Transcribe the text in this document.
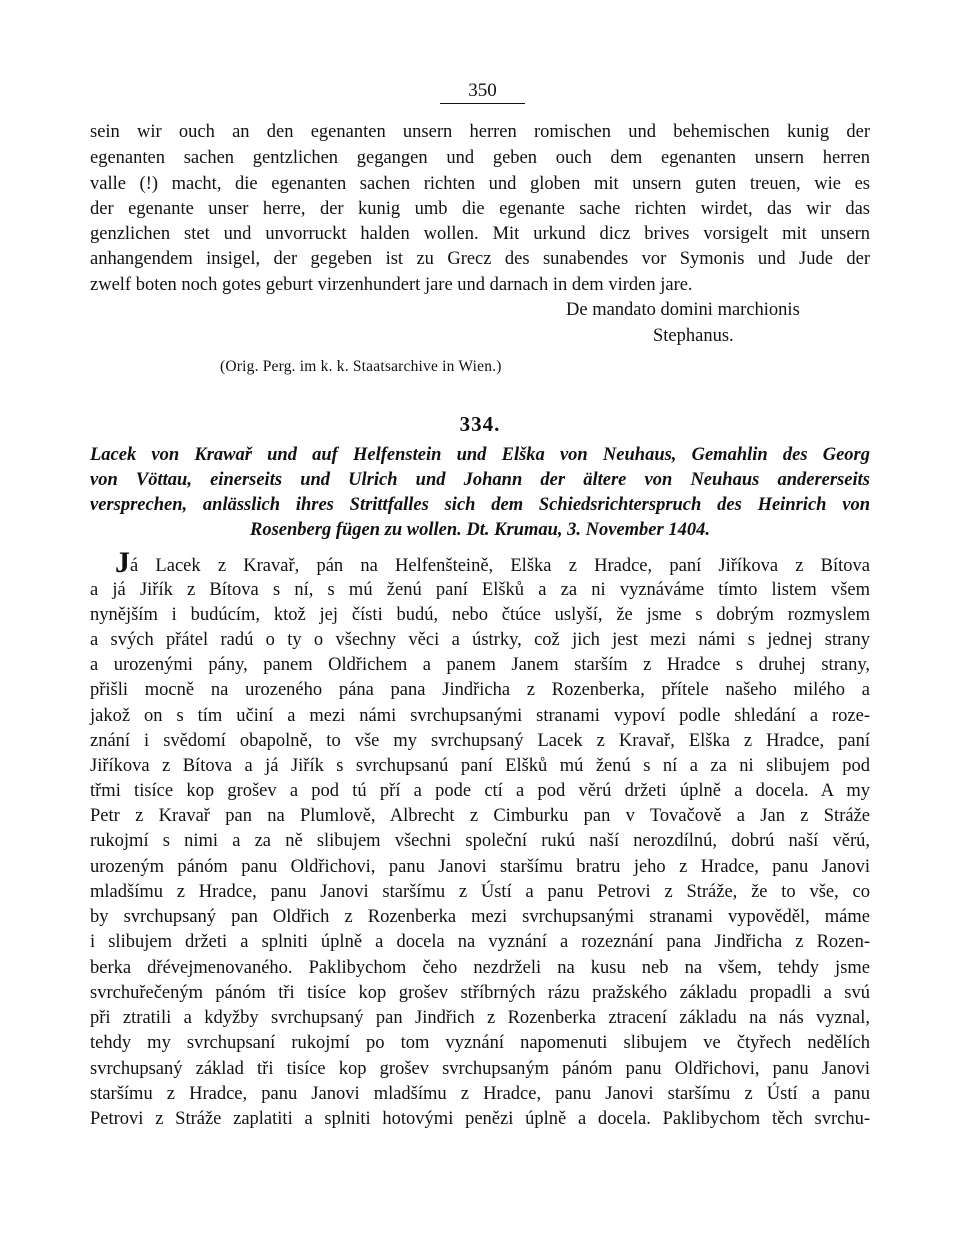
350
sein wir ouch an den egenanten unsern herren romischen und behemischen kunig der
egenanten sachen gentzlichen gegangen und geben ouch dem egenanten unsern herren
valle (!) macht, die egenanten sachen richten und globen mit unsern guten treuen, wie es
der egenante unser herre, der kunig umb die egenante sache richten wirdet, das wir das
genzlichen stet und unvorruckt halden wollen. Mit urkund dicz brives vorsigelt mit unsern
anhangendem insigel, der gegeben ist zu Grecz des sunabendes vor Symonis und Jude der
zwelf boten noch gotes geburt virzenhundert jare und darnach in dem virden jare.
De mandato domini marchionis
Stephanus.
(Orig. Perg. im k. k. Staatsarchive in Wien.)
334.
Lacek von Krawař und auf Helfenstein und Elška von Neuhaus, Gemahlin des Georg
von Vöttau, einerseits und Ulrich und Johann der ältere von Neuhaus andererseits
versprechen, anlässlich ihres Strittfalles sich dem Schiedsrichterspruch des Heinrich von
Rosenberg fügen zu wollen. Dt. Krumau, 3. November 1404.
Já Lacek z Kravař, pán na Helfenšteině, Elška z Hradce, paní Jiříkova z Bítova
a já Jiřík z Bítova s ní, s mú ženú paní Elšků a za ni vyznáváme tímto listem všem
nynějším i budúcím, ktož jej čísti budú, nebo čtúce uslyší, že jsme s dobrým rozmyslem
a svých přátel radú o ty o všechny věci a ústrky, což jich jest mezi námi s jednej strany
a urozenými pány, panem Oldřichem a panem Janem starším z Hradce s druhej strany,
přišli mocně na urozeného pána pana Jindřicha z Rozenberka, přítele našeho milého a
jakož on s tím učiní a mezi námi svrchupsanými stranami vypoví podle shledání a roze-
znání i svědomí obapolně, to vše my svrchupsaný Lacek z Kravař, Elška z Hradce, paní
Jiříkova z Bítova a já Jiřík s svrchupsanú paní Elšků mú ženú s ní a za ni slibujem pod
třmi tisíce kop grošev a pod tú pří a pode ctí a pod věrú držeti úplně a docela. A my
Petr z Kravař pan na Plumlově, Albrecht z Cimburku pan v Tovačově a Jan z Stráže
rukojmí s nimi a za ně slibujem všechni společní rukú naší nerozdílnú, dobrú naší věrú,
urozeným pánóm panu Oldřichovi, panu Janovi staršímu bratru jeho z Hradce, panu Janovi
mladšímu z Hradce, panu Janovi staršímu z Ústí a panu Petrovi z Stráže, že to vše, co
by svrchupsaný pan Oldřich z Rozenberka mezi svrchupsanými stranami vypověděl, máme
i slibujem držeti a splniti úplně a docela na vyznání a rozeznání pana Jindřicha z Rozen-
berka dřévejmenovaného. Paklibychom čeho nezdrželi na kusu neb na všem, tehdy jsme
svrchuřečeným pánóm tři tisíce kop grošev stříbrných rázu pražského základu propadli a svú
při ztratili a kdyžby svrchupsaný pan Jindřich z Rozenberka ztracení základu na nás vyznal,
tehdy my svrchupsaní rukojmí po tom vyznání napomenuti slibujem ve čtyřech nedělích
svrchupsaný základ tři tisíce kop grošev svrchupsaným pánóm panu Oldřichovi, panu Janovi
staršímu z Hradce, panu Janovi mladšímu z Hradce, panu Janovi staršímu z Ústí a panu
Petrovi z Stráže zaplatiti a splniti hotovými penězi úplně a docela. Paklibychom těch svrchu-
